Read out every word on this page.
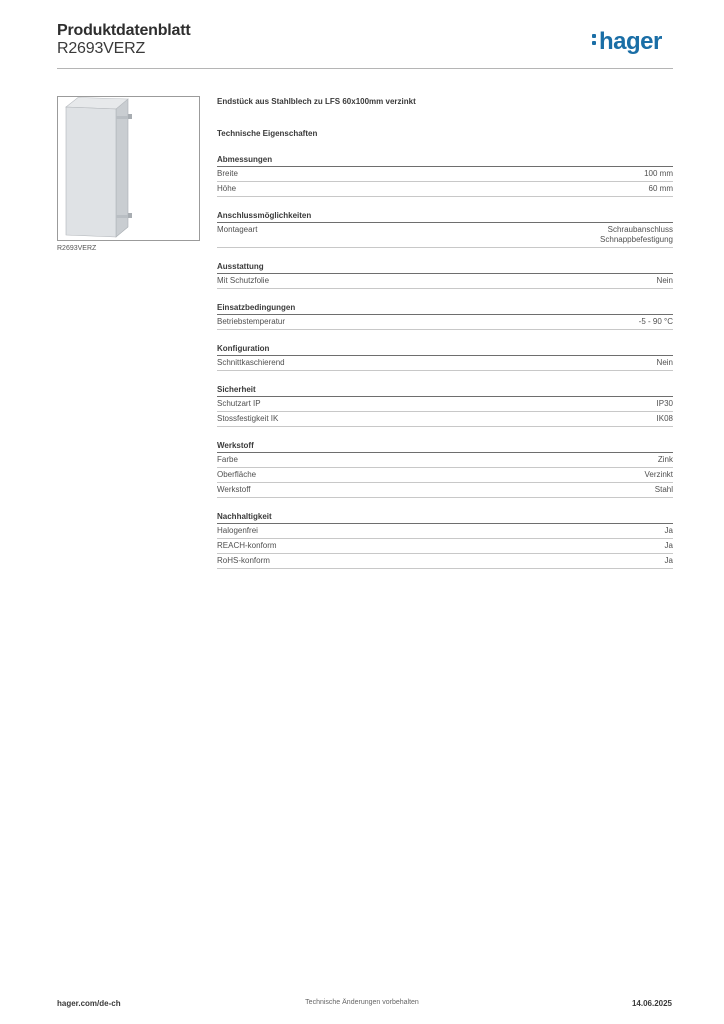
Produktdatenblatt
R2693VERZ	hager
R2693VERZ
Endstück aus Stahlblech zu LFS 60x100mm verzinkt
Technische Eigenschaften
Abmessungen
Breite	100 mm
Höhe	60 mm
Anschlussmöglichkeiten
Montageart	Schraubanschluss
Schnappbefestigung
Ausstattung
Mit Schutzfolie	Nein
Einsatzbedingungen
Betriebstemperatur	-5 - 90 °C
Konfiguration
Schnittkaschierend	Nein
Sicherheit
Schutzart IP	IP30
Stossfestigkeit IK	IK08
Werkstoff
Farbe	Zink
Oberfläche	Verzinkt
Werkstoff	Stahl
Nachhaltigkeit
Halogenfrei	Ja
REACH-konform	Ja
RoHS-konform	Ja
hager.com/de-ch	Technische Änderungen vorbehalten	14.06.2025
